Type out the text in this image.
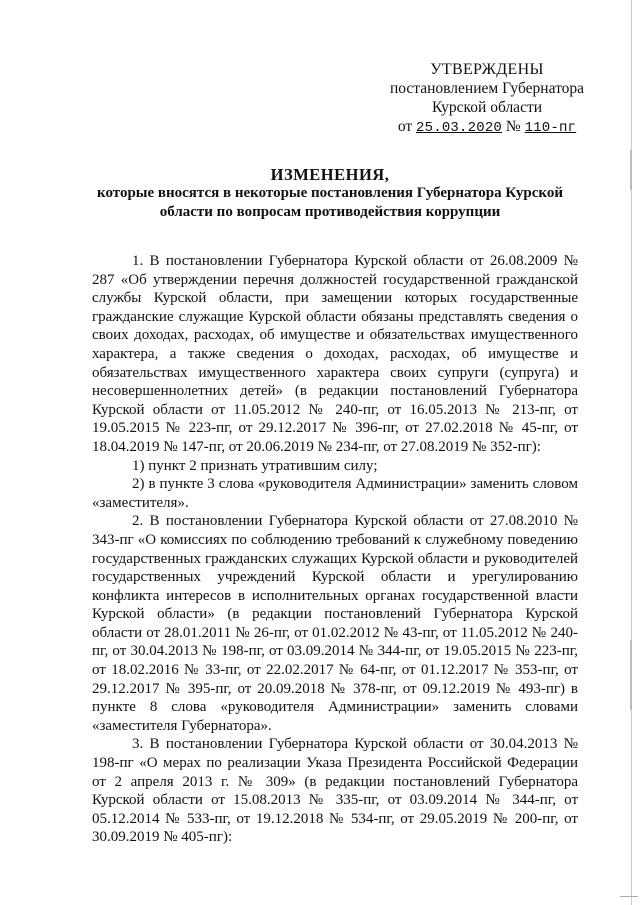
УТВЕРЖДЕНЫ
постановлением Губернатора
Курской области
от 25.03.2020 № 110-пг
ИЗМЕНЕНИЯ,
которые вносятся в некоторые постановления Губернатора Курской области по вопросам противодействия коррупции

1. В постановлении Губернатора Курской области от 26.08.2009 № 287 «Об утверждении перечня должностей государственной гражданской службы Курской области, при замещении которых государственные гражданские служащие Курской области обязаны представлять сведения о своих доходах, расходах, об имуществе и обязательствах имущественного характера, а также сведения о доходах, расходах, об имуществе и обязательствах имущественного характера своих супруги (супруга) и несовершеннолетних детей» (в редакции постановлений Губернатора Курской области от 11.05.2012 № 240-пг, от 16.05.2013 № 213-пг, от 19.05.2015 № 223-пг, от 29.12.2017 № 396-пг, от 27.02.2018 № 45-пг, от 18.04.2019 № 147-пг, от 20.06.2019 № 234-пг, от 27.08.2019 № 352-пг):

1) пункт 2 признать утратившим силу;

2) в пункте 3 слова «руководителя Администрации» заменить словом «заместителя».

2. В постановлении Губернатора Курской области от 27.08.2010 № 343-пг «О комиссиях по соблюдению требований к служебному поведению государственных гражданских служащих Курской области и руководителей государственных учреждений Курской области и урегулированию конфликта интересов в исполнительных органах государственной власти Курской области» (в редакции постановлений Губернатора Курской области от 28.01.2011 № 26-пг, от 01.02.2012 № 43-пг, от 11.05.2012 № 240-пг, от 30.04.2013 № 198-пг, от 03.09.2014 № 344-пг, от 19.05.2015 № 223-пг, от 18.02.2016 № 33-пг, от 22.02.2017 № 64-пг, от 01.12.2017 № 353-пг, от 29.12.2017 № 395-пг, от 20.09.2018 № 378-пг, от 09.12.2019 № 493-пг) в пункте 8 слова «руководителя Администрации» заменить словами «заместителя Губернатора».

3. В постановлении Губернатора Курской области от 30.04.2013 № 198-пг «О мерах по реализации Указа Президента Российской Федерации от 2 апреля 2013 г. № 309» (в редакции постановлений Губернатора Курской области от 15.08.2013 № 335-пг, от 03.09.2014 № 344-пг, от 05.12.2014 № 533-пг, от 19.12.2018 № 534-пг, от 29.05.2019 № 200-пг, от 30.09.2019 № 405-пг):
